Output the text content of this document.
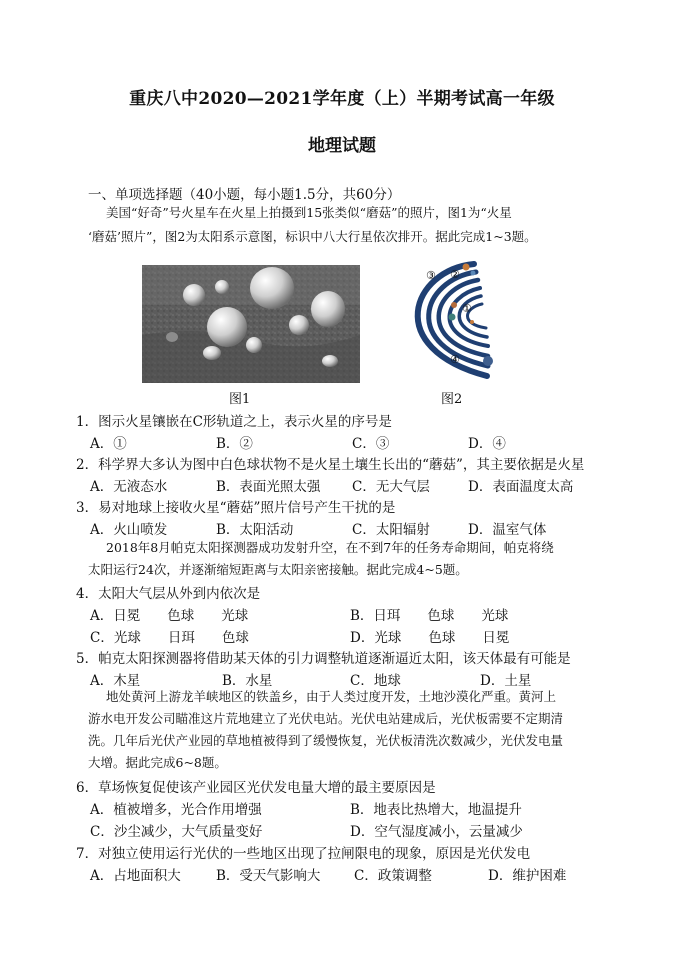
重庆八中2020—2021学年度（上）半期考试高一年级
地理试题
一、单项选择题（40小题，每小题1.5分，共60分）
美国“好奇”号火星车在火星上拍摄到15张类似“磨菇”的照片，图1为“火星
‘磨菇’照片”，图2为太阳系示意图，标识中八大行星依次排开。据此完成1~3题。
图1
①
②
③
④
图2
1．图示火星镶嵌在C形轨道之上，表示火星的序号是
A．①	B．②	C．③	D．④
2．科学界大多认为图中白色球状物不是火星土壤生长出的“蘑菇”，其主要依据是火星
A．无液态水	B．表面光照太强 C．无大气层	D．表面温度太高
3．易对地球上接收火星“蘑菇”照片信号产生干扰的是
A．火山喷发	B．太阳活动	C．太阳辐射	D．温室气体
2018年8月帕克太阳探测器成功发射升空，在不到7年的任务寿命期间，帕克将绕
太阳运行24次，并逐渐缩短距离与太阳亲密接触。据此完成4~5题。
4．太阳大气层从外到内依次是
A．日冕　　色球　　光球	B．日珥　　色球　　光球
C．光球　　日珥　　色球	D．光球　　色球　　日冕
5．帕克太阳探测器将借助某天体的引力调整轨道逐渐逼近太阳，该天体最有可能是
A．木星	B．水星	C．地球	D．土星
地处黄河上游龙羊峡地区的铁盖乡，由于人类过度开发，土地沙漠化严重。黄河上
游水电开发公司瞄准这片荒地建立了光伏电站。光伏电站建成后，光伏板需要不定期清
洗。几年后光伏产业园的草地植被得到了缓慢恢复，光伏板清洗次数减少，光伏发电量
大增。据此完成6~8题。
6．草场恢复促使该产业园区光伏发电量大增的最主要原因是
A．植被增多，光合作用增强	B．地表比热增大，地温提升
C．沙尘减少，大气质量变好	D．空气湿度减小，云量减少
7．对独立使用运行光伏的一些地区出现了拉闸限电的现象，原因是光伏发电
A．占地面积大	B．受天气影响大 C．政策调整	D．维护困难
